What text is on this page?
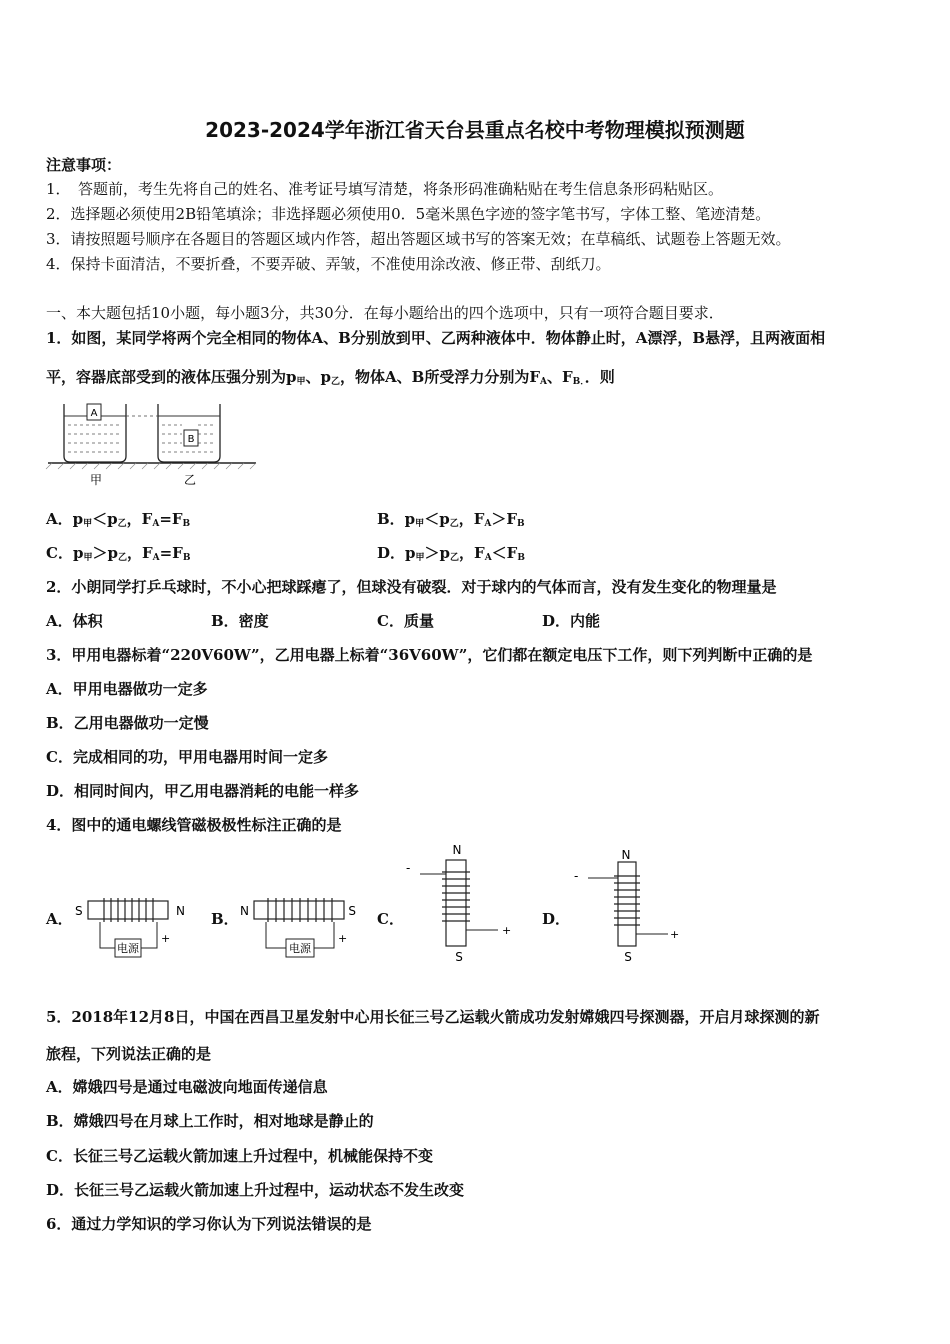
2023-2024学年浙江省天台县重点名校中考物理模拟预测题
注意事项：
1．　答题前，考生先将自己的姓名、准考证号填写清楚，将条形码准确粘贴在考生信息条形码粘贴区。
2．选择题必须使用2B铅笔填涂；非选择题必须使用0．5毫米黑色字迹的签字笔书写，字体工整、笔迹清楚。
3．请按照题号顺序在各题目的答题区域内作答，超出答题区域书写的答案无效；在草稿纸、试题卷上答题无效。
4．保持卡面清洁，不要折叠，不要弄破、弄皱，不准使用涂改液、修正带、刮纸刀。
一、本大题包括10小题，每小题3分，共30分．在每小题给出的四个选项中，只有一项符合题目要求．
1．如图，某同学将两个完全相同的物体A、B分别放到甲、乙两种液体中．物体静止时，A漂浮，B悬浮，且两液面相
平，容器底部受到的液体压强分别为$p_甲$、$p_乙$，物体A、B所受浮力分别为$F_A$、$F_{B.}$．则
A
B
甲	乙
A．$p_甲<p_乙$，$F_A=F_B$	B．$p_甲<p_乙$，$F_A>F_B$
C．$p_甲>p_乙$，$F_A=F_B$	D．$p_甲>p_乙$，$F_A<F_B$
2．小朗同学打乒乓球时，不小心把球踩瘪了，但球没有破裂．对于球内的气体而言，没有发生变化的物理量是
A．体积	B．密度	C．质量	D．内能
3．甲用电器标着“220V60W”，乙用电器上标着“36V60W”，它们都在额定电压下工作，则下列判断中正确的是
A．甲用电器做功一定多
B．乙用电器做功一定慢
C．完成相同的功，甲用电器用时间一定多
D．相同时间内，甲乙用电器消耗的电能一样多
4．图中的通电螺线管磁极极性标注正确的是
A． S	N
电源
+
B． N	S
电源
+
C．
N
S
-
+
D．
N
S
-
+
5．2018年12月8日，中国在西昌卫星发射中心用长征三号乙运载火箭成功发射嫦娥四号探测器，开启月球探测的新
旅程，下列说法正确的是
A．嫦娥四号是通过电磁波向地面传递信息
B．嫦娥四号在月球上工作时，相对地球是静止的
C．长征三号乙运载火箭加速上升过程中，机械能保持不变
D．长征三号乙运载火箭加速上升过程中，运动状态不发生改变
6．通过力学知识的学习你认为下列说法错误的是
